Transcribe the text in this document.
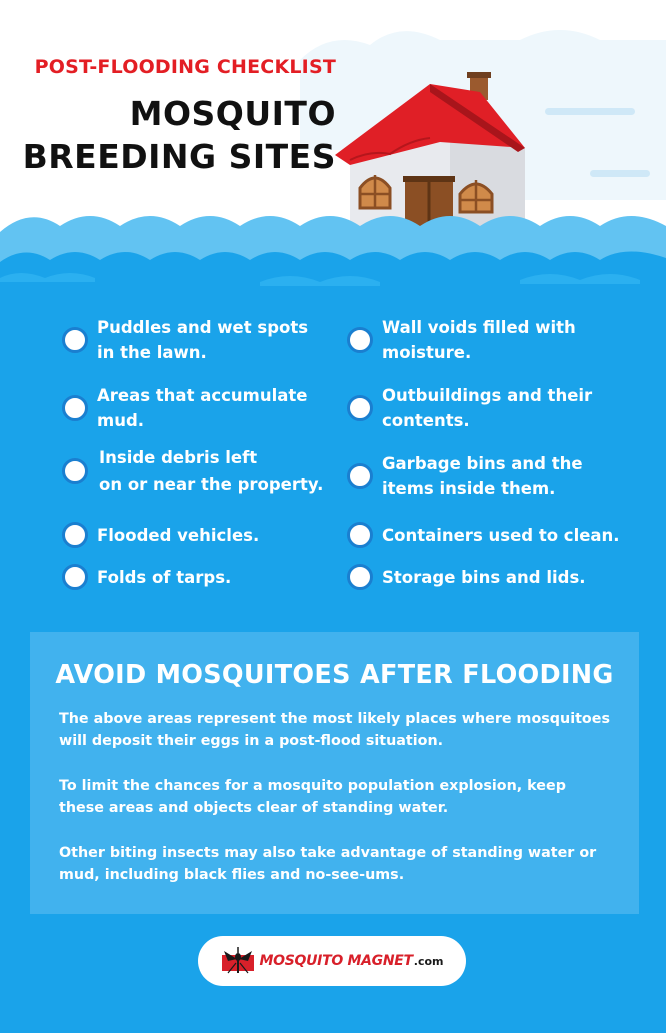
POST-FLOODING CHECKLIST
MOSQUITO
BREEDING SITES
Puddles and wet spots
in the lawn.
Areas that accumulate
mud.
Inside debris left
on or near the property.
Flooded vehicles.
Folds of tarps.
Wall voids filled with
moisture.
Outbuildings and their
contents.
Garbage bins and the
items inside them.
Containers used to clean.
Storage bins and lids.
AVOID MOSQUITOES AFTER FLOODING
The above areas represent the most likely places where mosquitoes
will deposit their eggs in a post-flood situation.
To limit the chances for a mosquito population explosion, keep
these areas and objects clear of standing water.
Other biting insects may also take advantage of standing water or
mud, including black flies and no-see-ums.
MOSQUITO MAGNET .com
